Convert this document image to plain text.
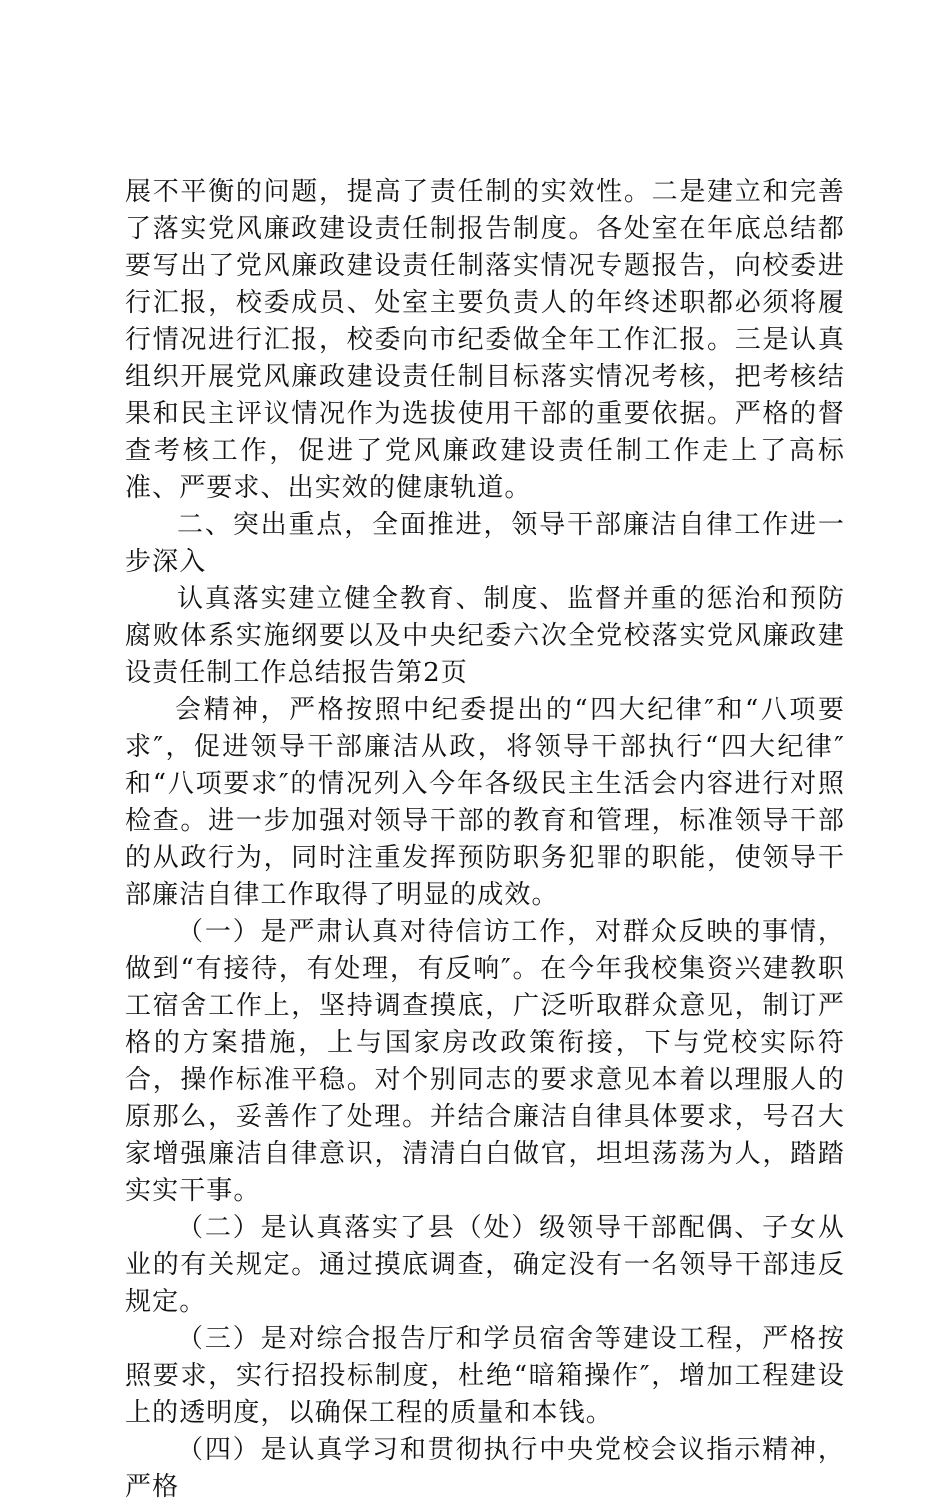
展不平衡的问题，提高了责任制的实效性。二是建立和完善了落实党风廉政建设责任制报告制度。各处室在年底总结都要写出了党风廉政建设责任制落实情况专题报告，向校委进行汇报，校委成员、处室主要负责人的年终述职都必须将履行情况进行汇报，校委向市纪委做全年工作汇报。三是认真组织开展党风廉政建设责任制目标落实情况考核，把考核结果和民主评议情况作为选拔使用干部的重要依据。严格的督查考核工作，促进了党风廉政建设责任制工作走上了高标准、严要求、出实效的健康轨道。

二、突出重点，全面推进，领导干部廉洁自律工作进一步深入

认真落实建立健全教育、制度、监督并重的惩治和预防腐败体系实施纲要以及中央纪委六次全党校落实党风廉政建设责任制工作总结报告第2页

会精神，严格按照中纪委提出的“四大纪律″和“八项要求″，促进领导干部廉洁从政，将领导干部执行“四大纪律″和“八项要求″的情况列入今年各级民主生活会内容进行对照检查。进一步加强对领导干部的教育和管理，标准领导干部的从政行为，同时注重发挥预防职务犯罪的职能，使领导干部廉洁自律工作取得了明显的成效。

（一）是严肃认真对待信访工作，对群众反映的事情，做到“有接待，有处理，有反响″。在今年我校集资兴建教职工宿舍工作上，坚持调查摸底，广泛听取群众意见，制订严格的方案措施，上与国家房改政策衔接，下与党校实际符合，操作标准平稳。对个别同志的要求意见本着以理服人的原那么，妥善作了处理。并结合廉洁自律具体要求，号召大家增强廉洁自律意识，清清白白做官，坦坦荡荡为人，踏踏实实干事。

（二）是认真落实了县（处）级领导干部配偶、子女从业的有关规定。通过摸底调查，确定没有一名领导干部违反规定。

（三）是对综合报告厅和学员宿舍等建设工程，严格按照要求，实行招投标制度，杜绝“暗箱操作″，增加工程建设上的透明度，以确保工程的质量和本钱。

（四）是认真学习和贯彻执行中央党校会议指示精神，严格
